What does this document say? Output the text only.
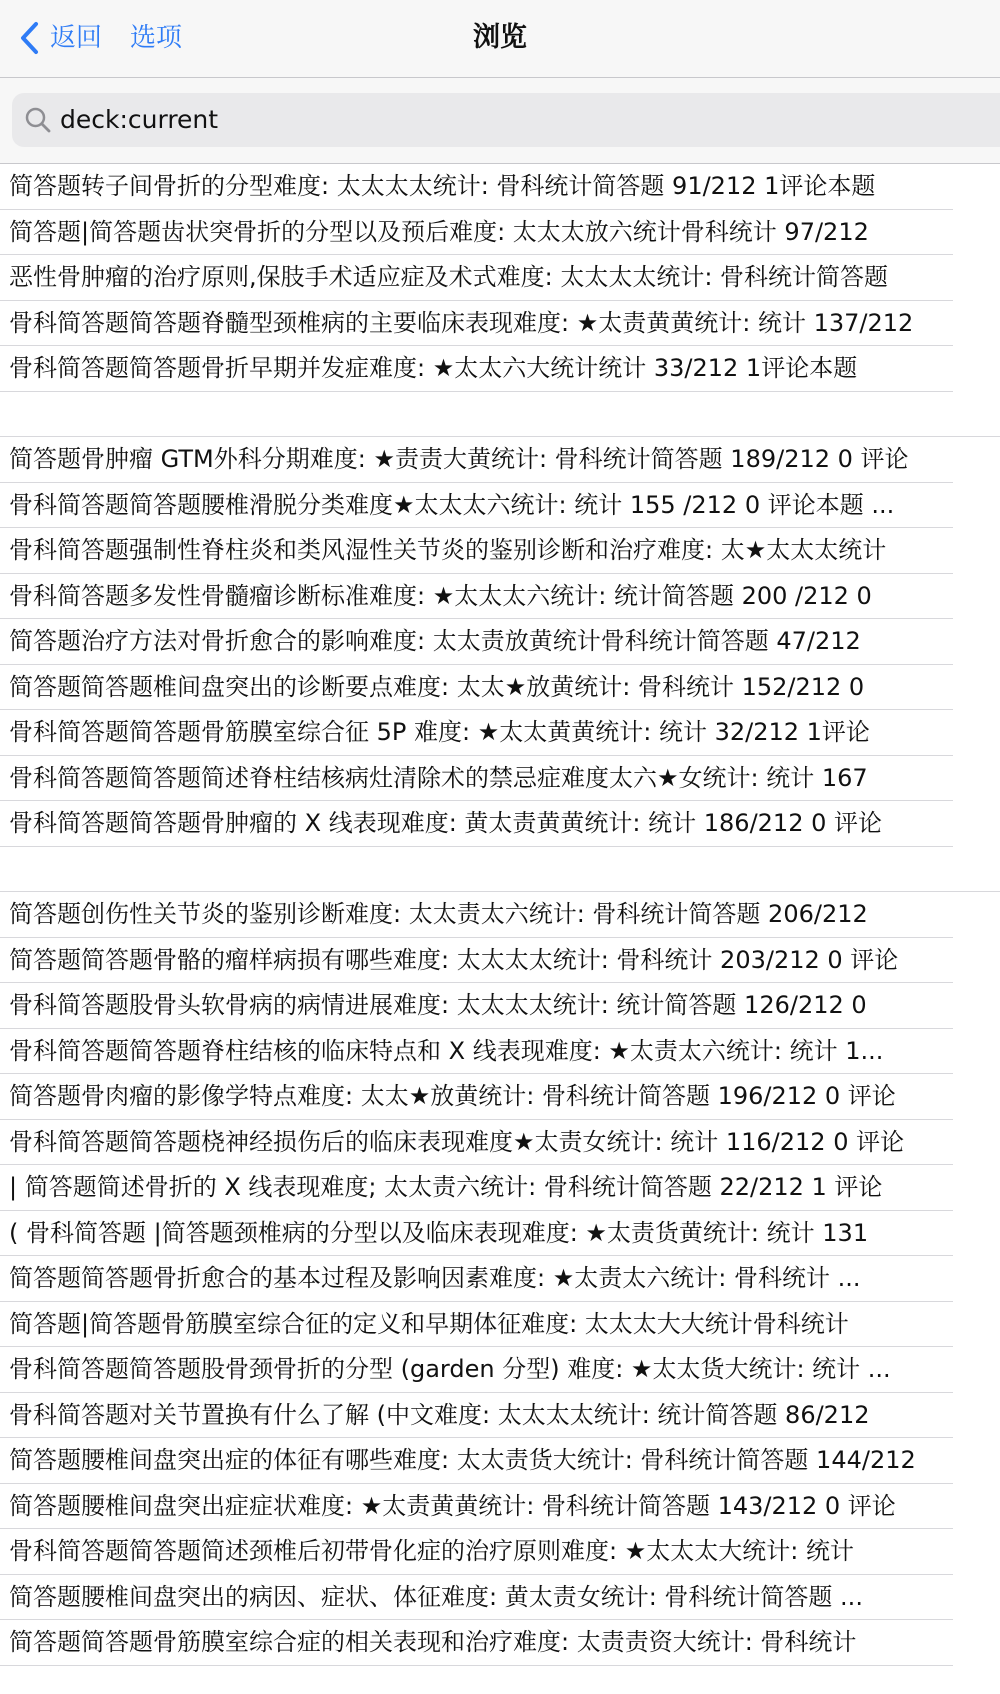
返回 选项	浏览
deck:current
简答题转子间骨折的分型难度: 太太太太统计: 骨科统计简答题 91/212 1评论本题
简答题|简答题齿状突骨折的分型以及预后难度: 太太太放六统计骨科统计 97/212
恶性骨肿瘤的治疗原则,保肢手术适应症及术式难度: 太太太太统计: 骨科统计简答题
骨科简答题简答题脊髓型颈椎病的主要临床表现难度: ★太责黄黄统计: 统计 137/212
骨科简答题简答题骨折早期并发症难度: ★太太六大统计统计 33/212 1评论本题
简答题骨肿瘤 GTM外科分期难度: ★责责大黄统计: 骨科统计简答题 189/212 0 评论
骨科简答题简答题腰椎滑脱分类难度★太太太六统计: 统计 155 /212 0 评论本题 ...
骨科简答题强制性脊柱炎和类风湿性关节炎的鉴别诊断和治疗难度: 太★太太太统计
骨科简答题多发性骨髓瘤诊断标准难度: ★太太太六统计: 统计简答题 200 /212 0
简答题治疗方法对骨折愈合的影响难度: 太太责放黄统计骨科统计简答题 47/212
简答题简答题椎间盘突出的诊断要点难度: 太太★放黄统计: 骨科统计 152/212 0
骨科简答题简答题骨筋膜室综合征 5P 难度: ★太太黄黄统计: 统计 32/212 1评论
骨科简答题简答题简述脊柱结核病灶清除术的禁忌症难度太六★女统计: 统计 167
骨科简答题简答题骨肿瘤的 X 线表现难度: 黄太责黄黄统计: 统计 186/212 0 评论
简答题创伤性关节炎的鉴别诊断难度: 太太责太六统计: 骨科统计简答题 206/212
简答题简答题骨骼的瘤样病损有哪些难度: 太太太太统计: 骨科统计 203/212 0 评论
骨科简答题股骨头软骨病的病情进展难度: 太太太太统计: 统计简答题 126/212 0
骨科简答题简答题脊柱结核的临床特点和 X 线表现难度: ★太责太六统计: 统计 1...
简答题骨肉瘤的影像学特点难度: 太太★放黄统计: 骨科统计简答题 196/212 0 评论
骨科简答题简答题桡神经损伤后的临床表现难度★太责女统计: 统计 116/212 0 评论
| 简答题简述骨折的 X 线表现难度; 太太责六统计: 骨科统计简答题 22/212 1 评论
( 骨科简答题 |简答题颈椎病的分型以及临床表现难度: ★太责货黄统计: 统计 131
简答题简答题骨折愈合的基本过程及影响因素难度: ★太责太六统计: 骨科统计 ...
简答题|简答题骨筋膜室综合征的定义和早期体征难度: 太太太大大统计骨科统计
骨科简答题简答题股骨颈骨折的分型 (garden 分型) 难度: ★太太货大统计: 统计 ...
骨科简答题对关节置换有什么了解 (中文难度: 太太太太统计: 统计简答题 86/212
简答题腰椎间盘突出症的体征有哪些难度: 太太责货大统计: 骨科统计简答题 144/212
简答题腰椎间盘突出症症状难度: ★太责黄黄统计: 骨科统计简答题 143/212 0 评论
骨科简答题简答题简述颈椎后初带骨化症的治疗原则难度: ★太太太大统计: 统计
简答题腰椎间盘突出的病因、症状、体征难度: 黄太责女统计: 骨科统计简答题 ...
简答题简答题骨筋膜室综合症的相关表现和治疗难度: 太责责资大统计: 骨科统计
